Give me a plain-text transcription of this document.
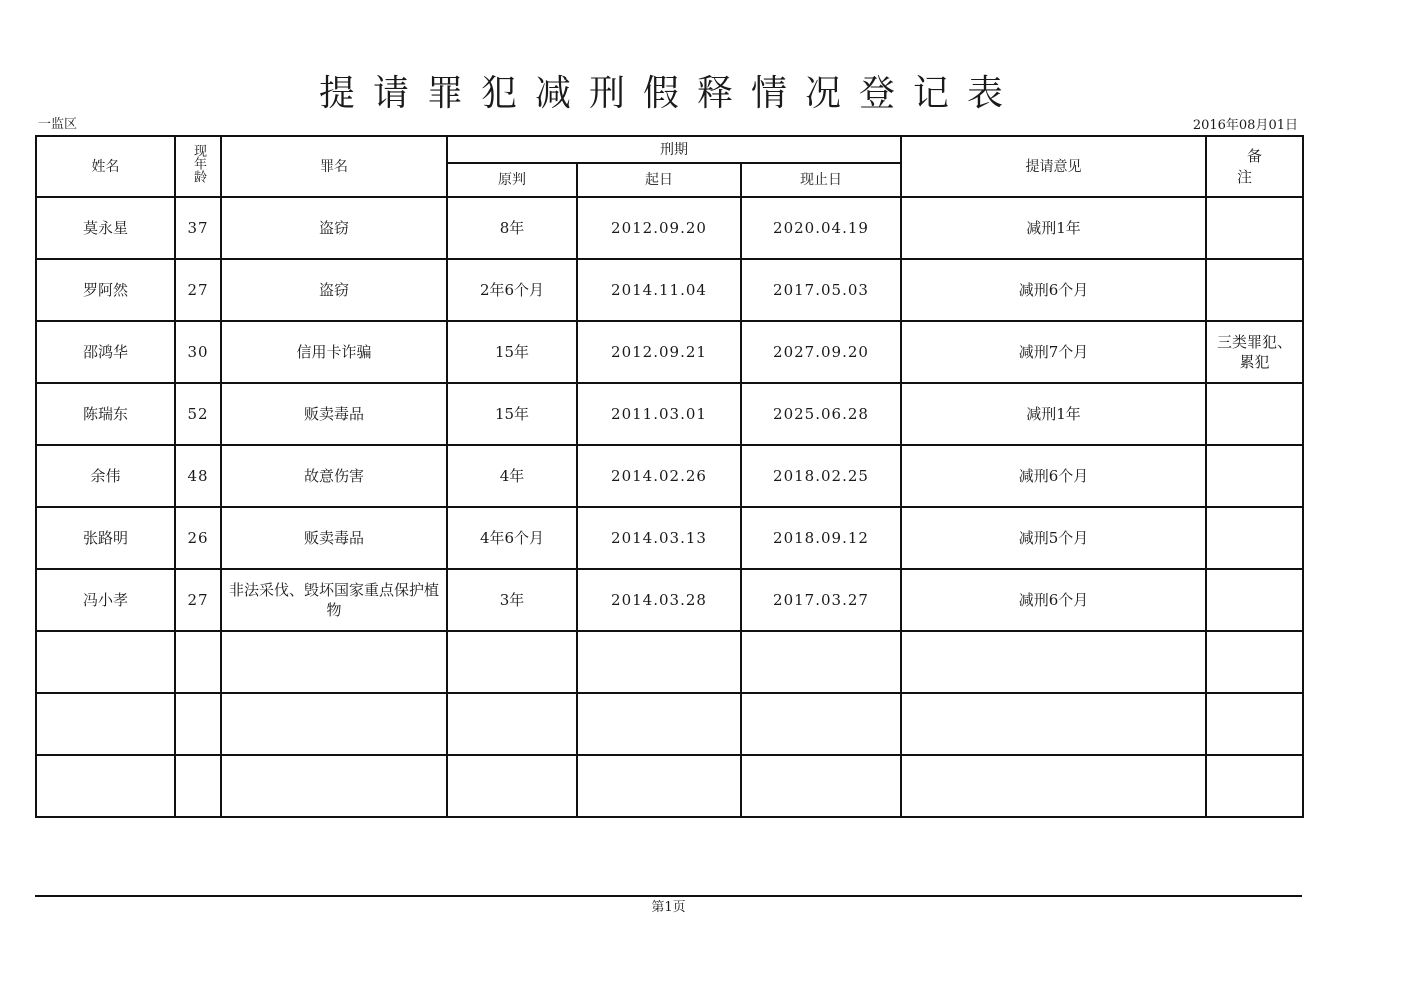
提请罪犯减刑假释情况登记表
一监区	2016年08月01日
姓名	现年龄	罪名	刑期			提请意见	备注
			原判	起日	现止日		
莫永星	37	盗窃	8年	2012.09.20	2020.04.19	减刑1年	
罗阿然	27	盗窃	2年6个月	2014.11.04	2017.05.03	减刑6个月	
邵鸿华	30	信用卡诈骗	15年	2012.09.21	2027.09.20	减刑7个月	三类罪犯、累犯
陈瑞东	52	贩卖毒品	15年	2011.03.01	2025.06.28	减刑1年	
余伟	48	故意伤害	4年	2014.02.26	2018.02.25	减刑6个月	
张路明	26	贩卖毒品	4年6个月	2014.03.13	2018.09.12	减刑5个月	
冯小孝	27	非法采伐、毁坏国家重点保护植物	3年	2014.03.28	2017.03.27	减刑6个月	

第1页
